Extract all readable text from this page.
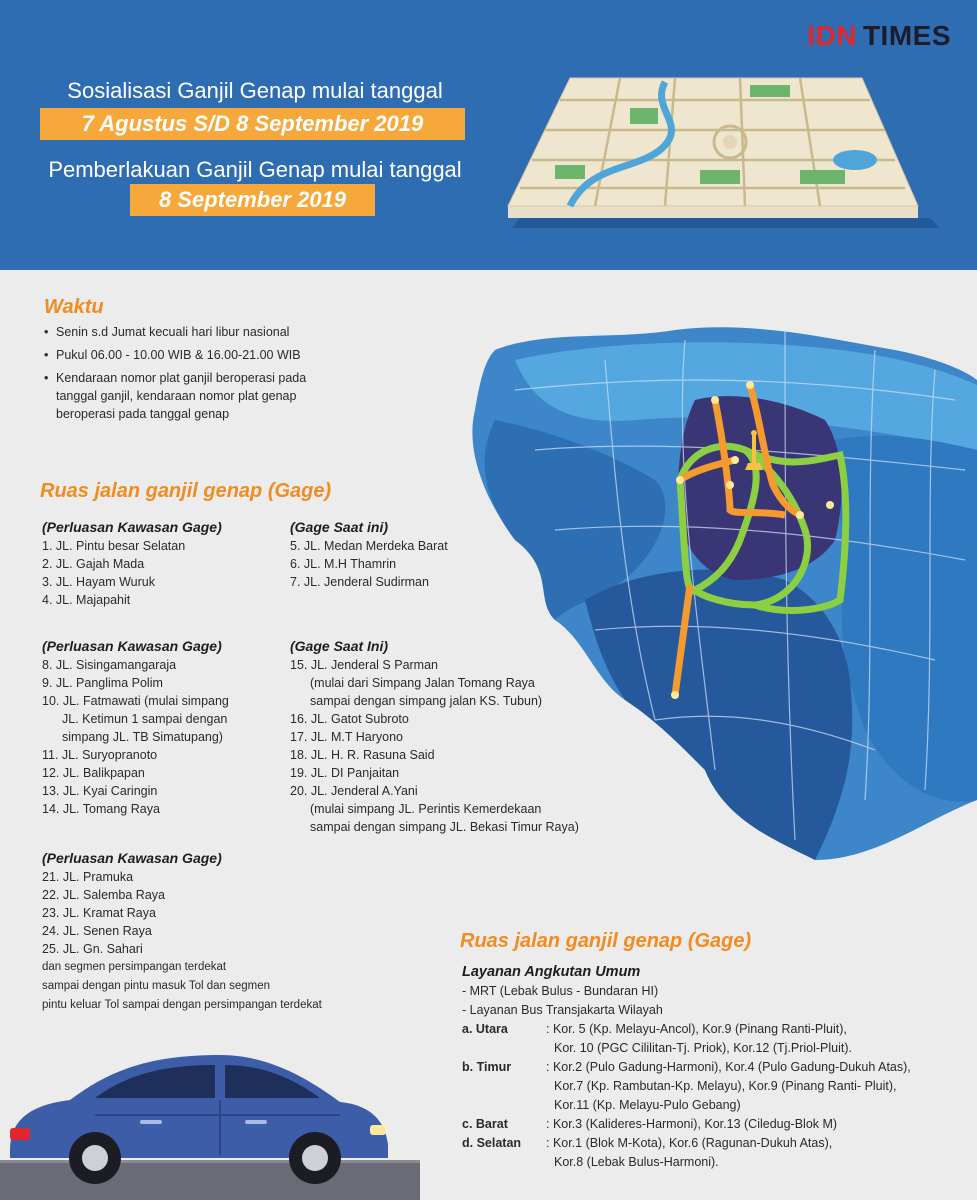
IDN TIMES
Sosialisasi Ganjil Genap mulai tanggal
7 Agustus S/D 8 September 2019
Pemberlakuan Ganjil Genap mulai tanggal
8 September 2019
Waktu
• Senin s.d Jumat kecuali hari libur nasional
• Pukul 06.00 - 10.00 WIB & 16.00-21.00 WIB
• Kendaraan nomor plat ganjil beroperasi pada
tanggal ganjil, kendaraan nomor plat genap
beroperasi pada tanggal genap
Ruas jalan ganjil genap (Gage)
(Perluasan Kawasan Gage)
1. JL. Pintu besar Selatan
2. JL. Gajah Mada
3. JL. Hayam Wuruk
4. JL. Majapahit
(Gage Saat ini)
5. JL. Medan Merdeka Barat
6. JL. M.H Thamrin
7. JL. Jenderal Sudirman
(Perluasan Kawasan Gage)
8. JL. Sisingamangaraja
9. JL. Panglima Polim
10. JL. Fatmawati (mulai simpang
JL. Ketimun 1 sampai dengan
simpang JL. TB Simatupang)
11. JL. Suryopranoto
12. JL. Balikpapan
13. JL. Kyai Caringin
14. JL. Tomang Raya
(Gage Saat Ini)
15. JL. Jenderal S Parman
(mulai dari Simpang Jalan Tomang Raya
sampai dengan simpang jalan KS. Tubun)
16. JL. Gatot Subroto
17. JL. M.T Haryono
18. JL. H. R. Rasuna Said
19. JL. DI Panjaitan
20. JL. Jenderal A.Yani
(mulai simpang JL. Perintis Kemerdekaan
sampai dengan simpang JL. Bekasi Timur Raya)
(Perluasan Kawasan Gage)
21. JL. Pramuka
22. JL. Salemba Raya
23. JL. Kramat Raya
24. JL. Senen Raya
25. JL. Gn. Sahari
dan segmen persimpangan terdekat
sampai dengan pintu masuk Tol dan segmen
pintu keluar Tol sampai dengan persimpangan terdekat
Ruas jalan ganjil genap (Gage)
Layanan Angkutan Umum
- MRT (Lebak Bulus - Bundaran HI)
- Layanan Bus Transjakarta Wilayah
a. Utara	: Kor. 5 (Kp. Melayu-Ancol), Kor.9 (Pinang Ranti-Pluit),
Kor. 10 (PGC Cililitan-Tj. Priok), Kor.12 (Tj.Priol-Pluit).
b. Timur	: Kor.2 (Pulo Gadung-Harmoni), Kor.4 (Pulo Gadung-Dukuh Atas),
Kor.7 (Kp. Rambutan-Kp. Melayu), Kor.9 (Pinang Ranti- Pluit),
Kor.11 (Kp. Melayu-Pulo Gebang)
c. Barat	: Kor.3 (Kalideres-Harmoni), Kor.13 (Ciledug-Blok M)
d. Selatan	: Kor.1 (Blok M-Kota), Kor.6 (Ragunan-Dukuh Atas),
Kor.8 (Lebak Bulus-Harmoni).
